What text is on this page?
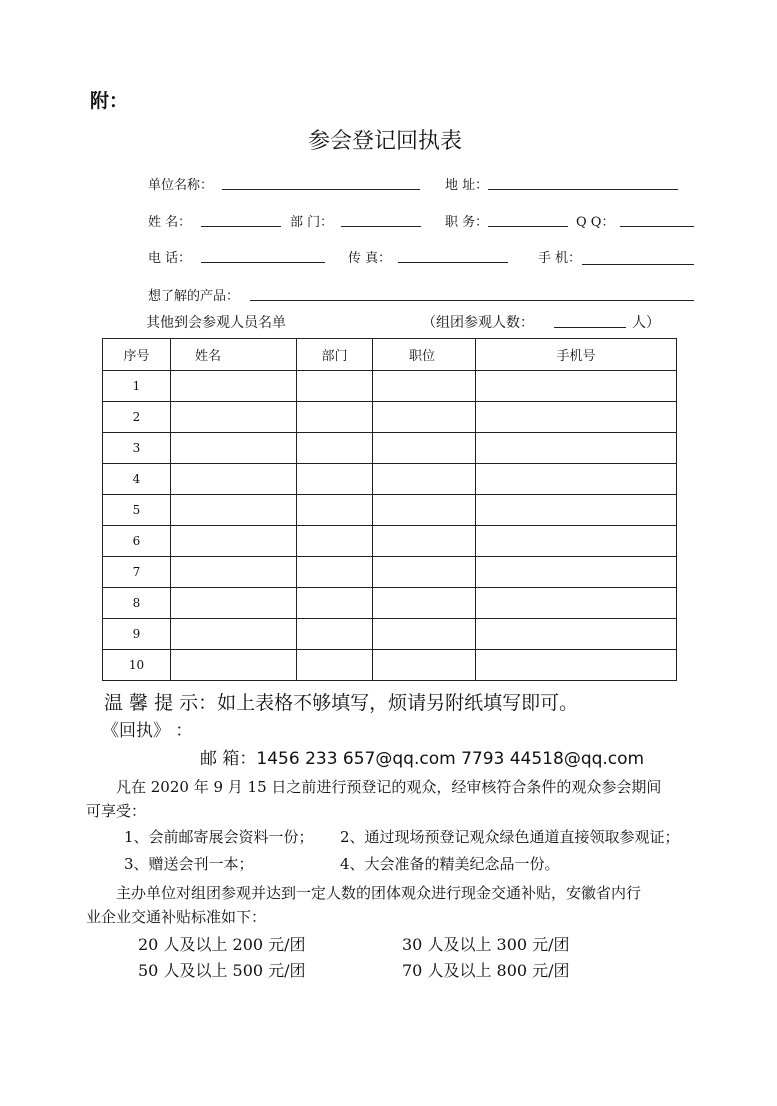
附：
参会登记回执表
单位名称：	地 址：
姓 名：	部 门：	职 务：	Q Q：
电 话：	传 真：	手 机：
想了解的产品：
其他到会参观人员名单	（组团参观人数：	人）
序号	姓名	部门	职位	手机号
1				
2				
3				
4				
5				
6				
7				
8				
9				
10				
温 馨 提 示：如上表格不够填写，烦请另附纸填写即可。
《回执》 ：
邮 箱：1456 233 657@qq.com 7793 44518@qq.com
凡在 2020 年 9 月 15 日之前进行预登记的观众，经审核符合条件的观众参会期间
可享受：
1、会前邮寄展会资料一份； 2、通过现场预登记观众绿色通道直接领取参观证；
3、赠送会刊一本；	4、大会准备的精美纪念品一份。
主办单位对组团参观并达到一定人数的团体观众进行现金交通补贴，安徽省内行
业企业交通补贴标准如下：
20 人及以上 200 元/团	30 人及以上 300 元/团
50 人及以上 500 元/团	70 人及以上 800 元/团
